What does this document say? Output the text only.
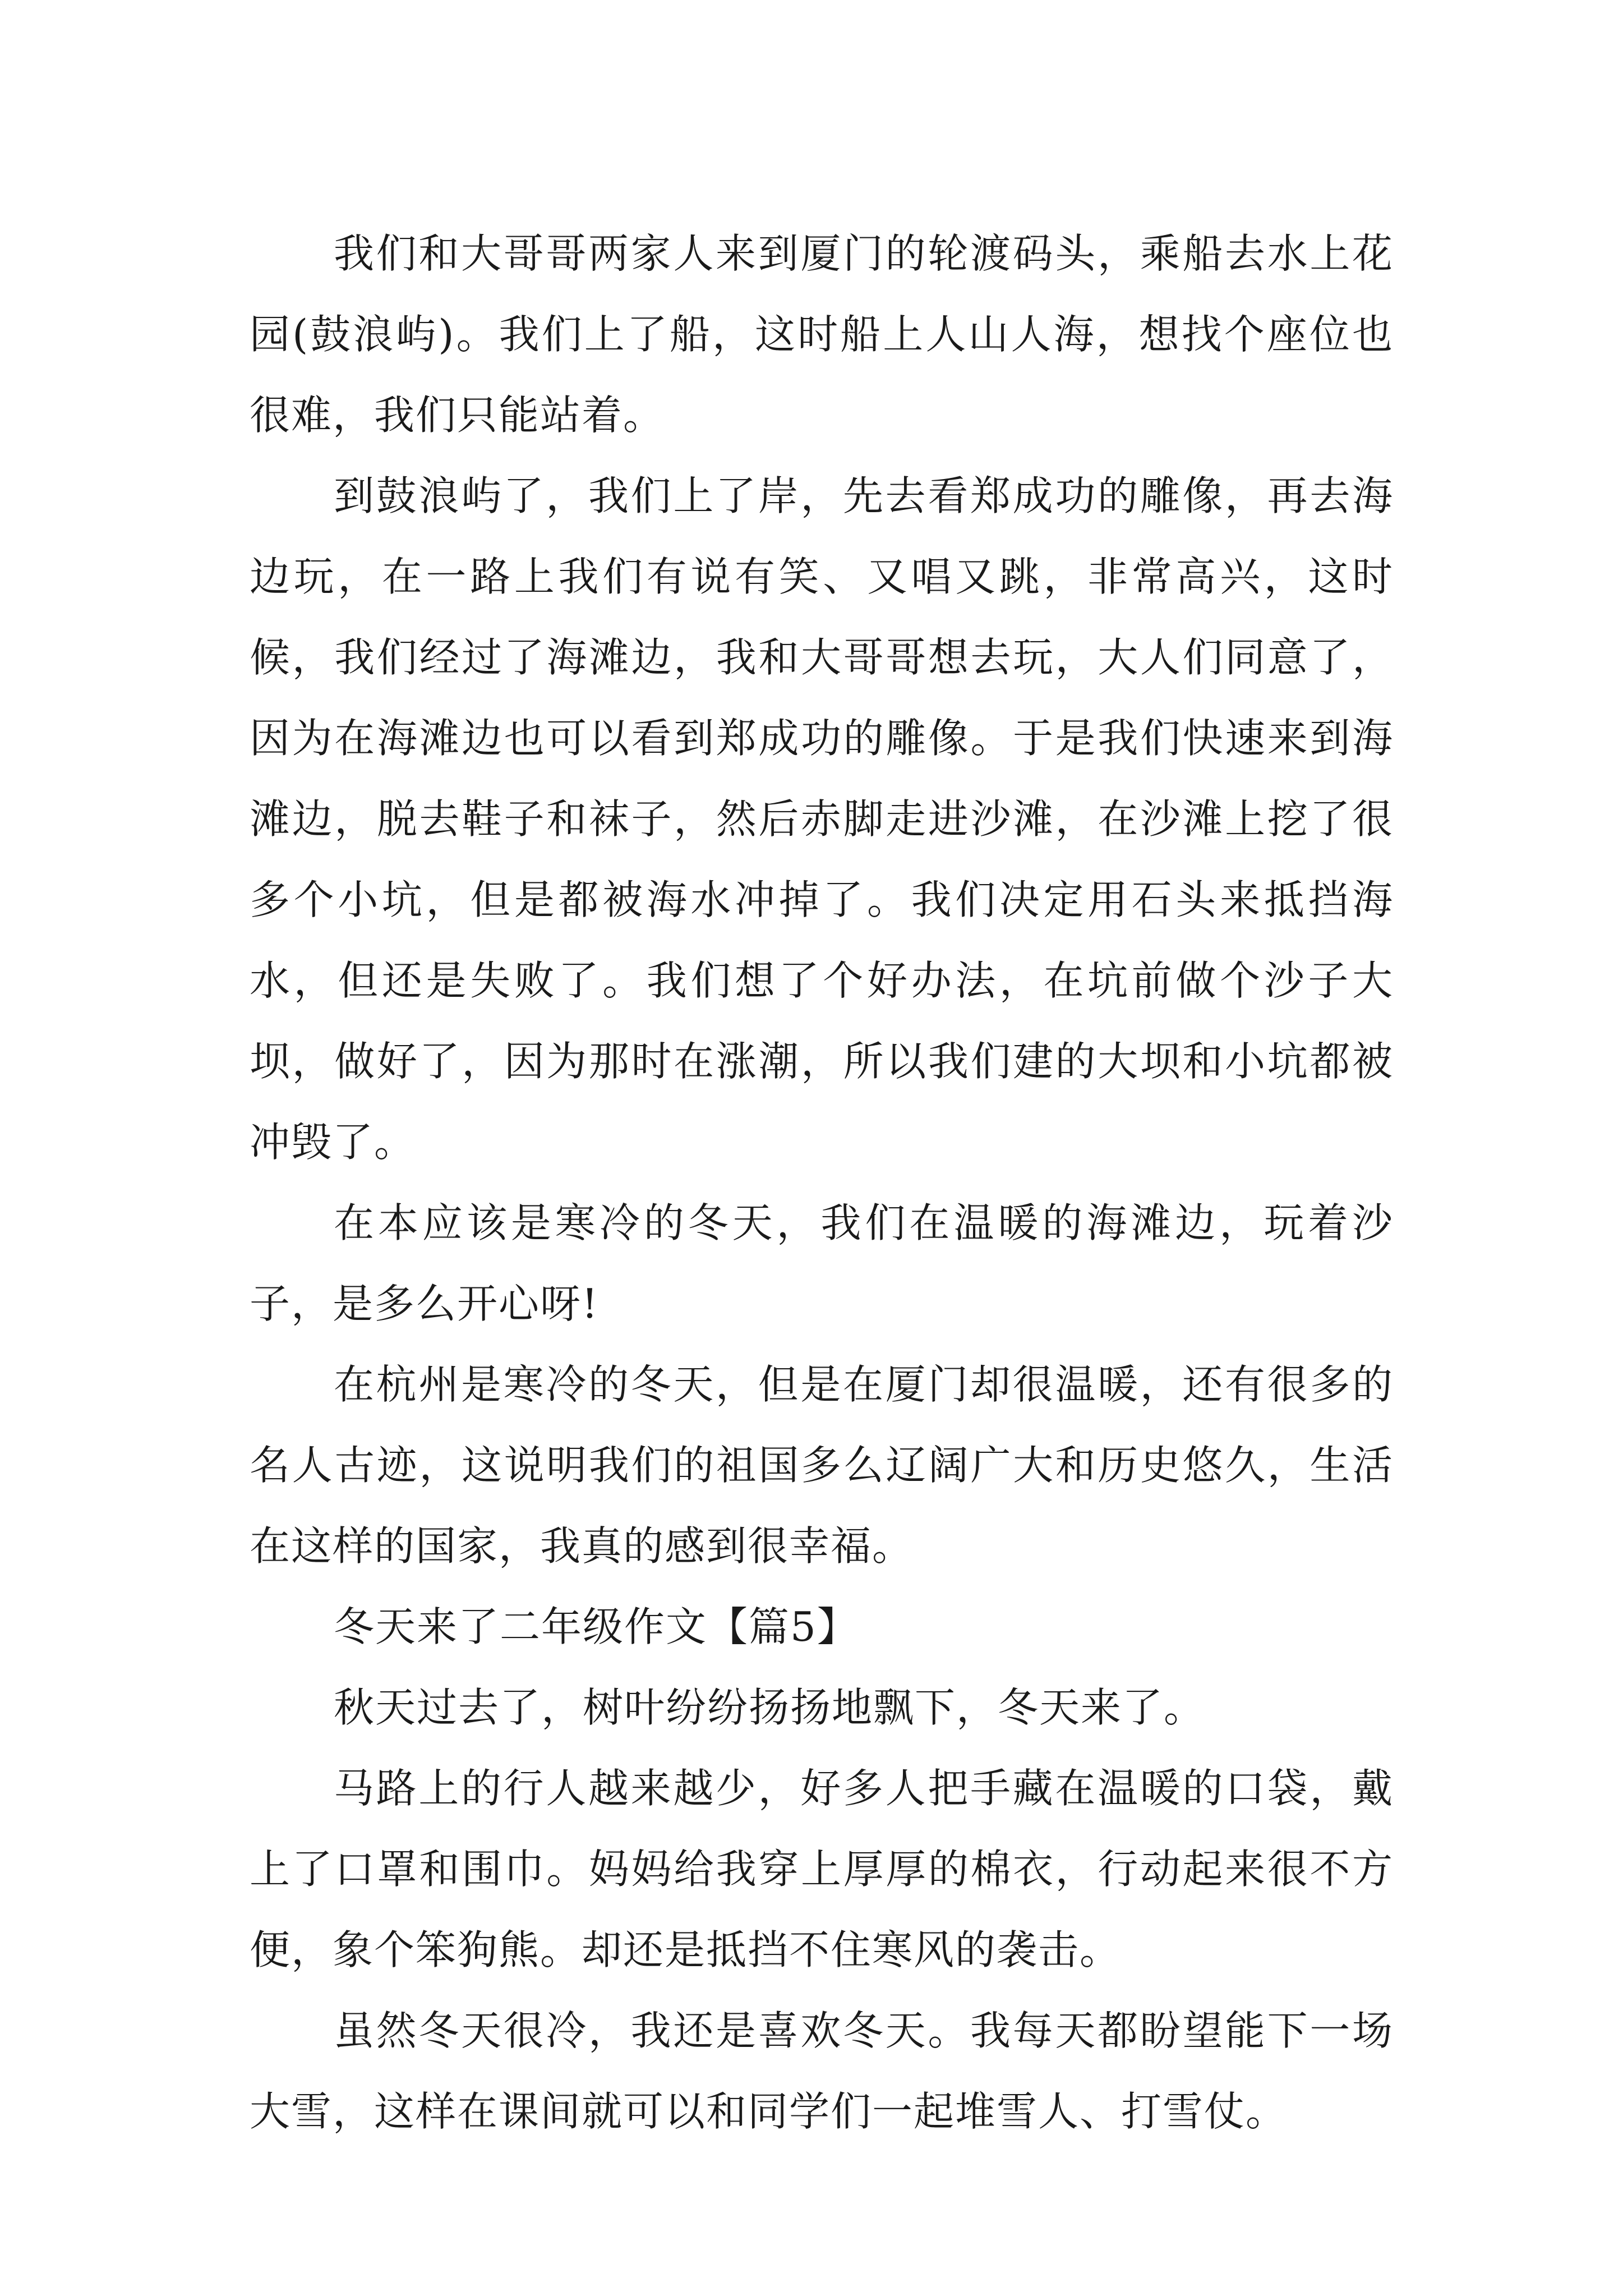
我们和大哥哥两家人来到厦门的轮渡码头，乘船去水上花园(鼓浪屿)。我们上了船，这时船上人山人海，想找个座位也很难，我们只能站着。

到鼓浪屿了，我们上了岸，先去看郑成功的雕像，再去海边玩，在一路上我们有说有笑、又唱又跳，非常高兴，这时候，我们经过了海滩边，我和大哥哥想去玩，大人们同意了，因为在海滩边也可以看到郑成功的雕像。于是我们快速来到海滩边，脱去鞋子和袜子，然后赤脚走进沙滩，在沙滩上挖了很多个小坑，但是都被海水冲掉了。我们决定用石头来抵挡海水，但还是失败了。我们想了个好办法，在坑前做个沙子大坝，做好了，因为那时在涨潮，所以我们建的大坝和小坑都被冲毁了。

在本应该是寒冷的冬天，我们在温暖的海滩边，玩着沙子，是多么开心呀!

在杭州是寒冷的冬天，但是在厦门却很温暖，还有很多的名人古迹，这说明我们的祖国多么辽阔广大和历史悠久，生活在这样的国家，我真的感到很幸福。

冬天来了二年级作文【篇5】

秋天过去了，树叶纷纷扬扬地飘下，冬天来了。

马路上的行人越来越少，好多人把手藏在温暖的口袋，戴上了口罩和围巾。妈妈给我穿上厚厚的棉衣，行动起来很不方便，象个笨狗熊。却还是抵挡不住寒风的袭击。

虽然冬天很冷，我还是喜欢冬天。我每天都盼望能下一场大雪，这样在课间就可以和同学们一起堆雪人、打雪仗。
